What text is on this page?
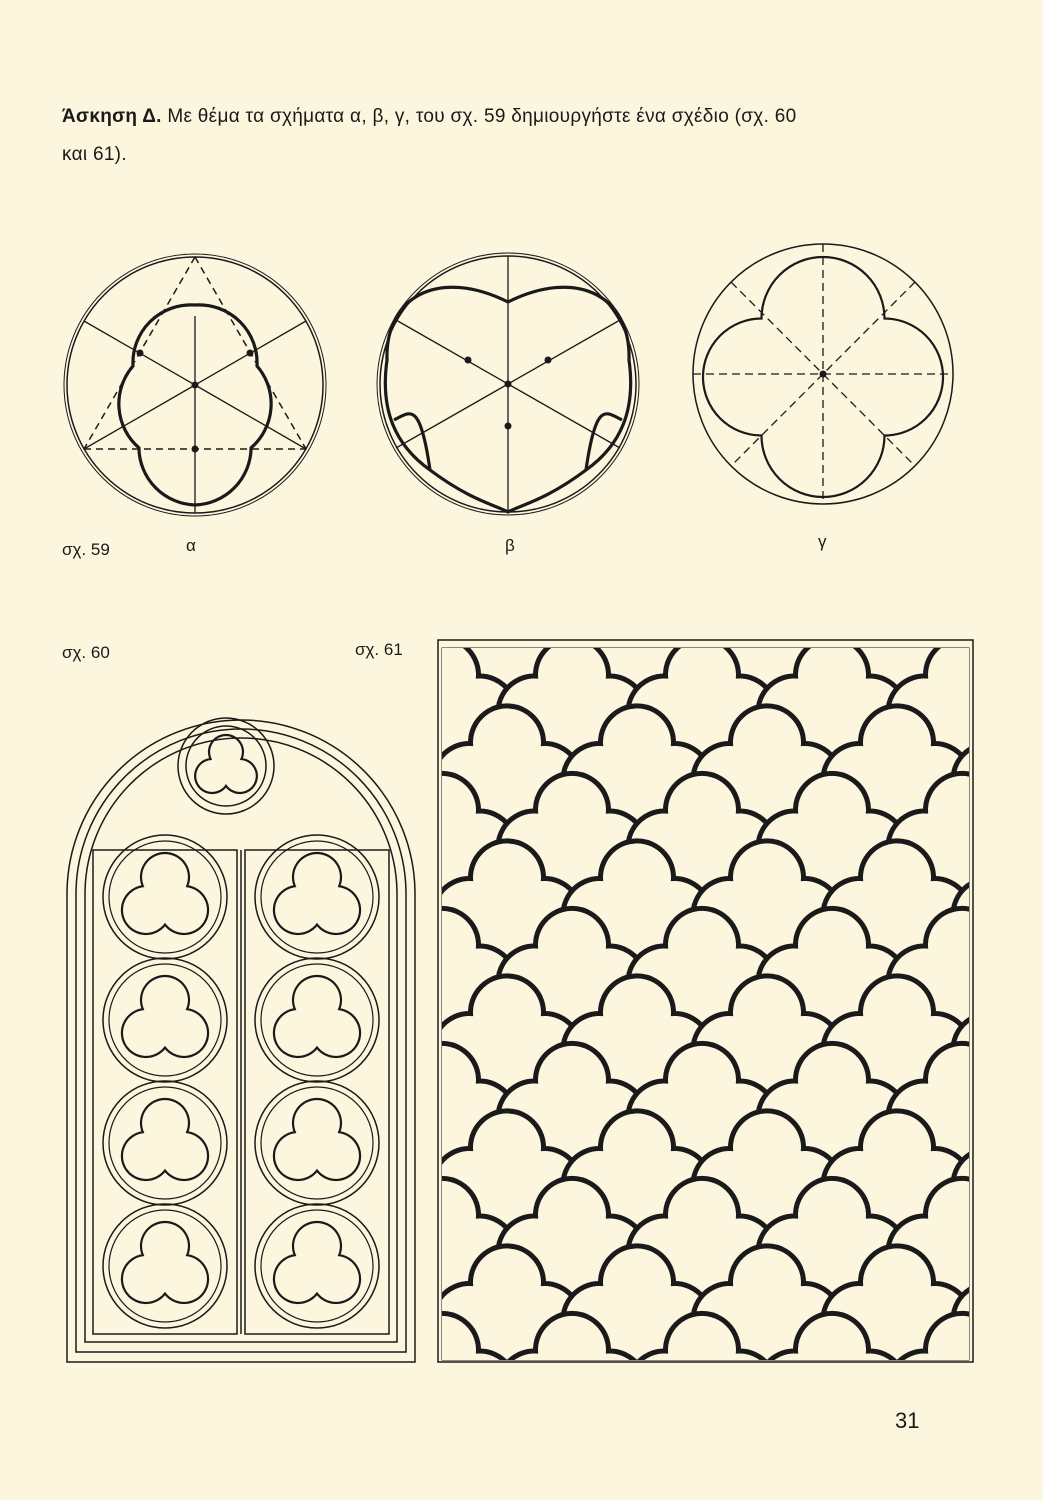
Άσκηση Δ. Με θέμα τα σχήματα α, β, γ, του σχ. 59 δημιουργήστε ένα σχέδιο (σχ. 60
και 61).
σχ. 59	α	β	γ
σχ. 60	σχ. 61
31
